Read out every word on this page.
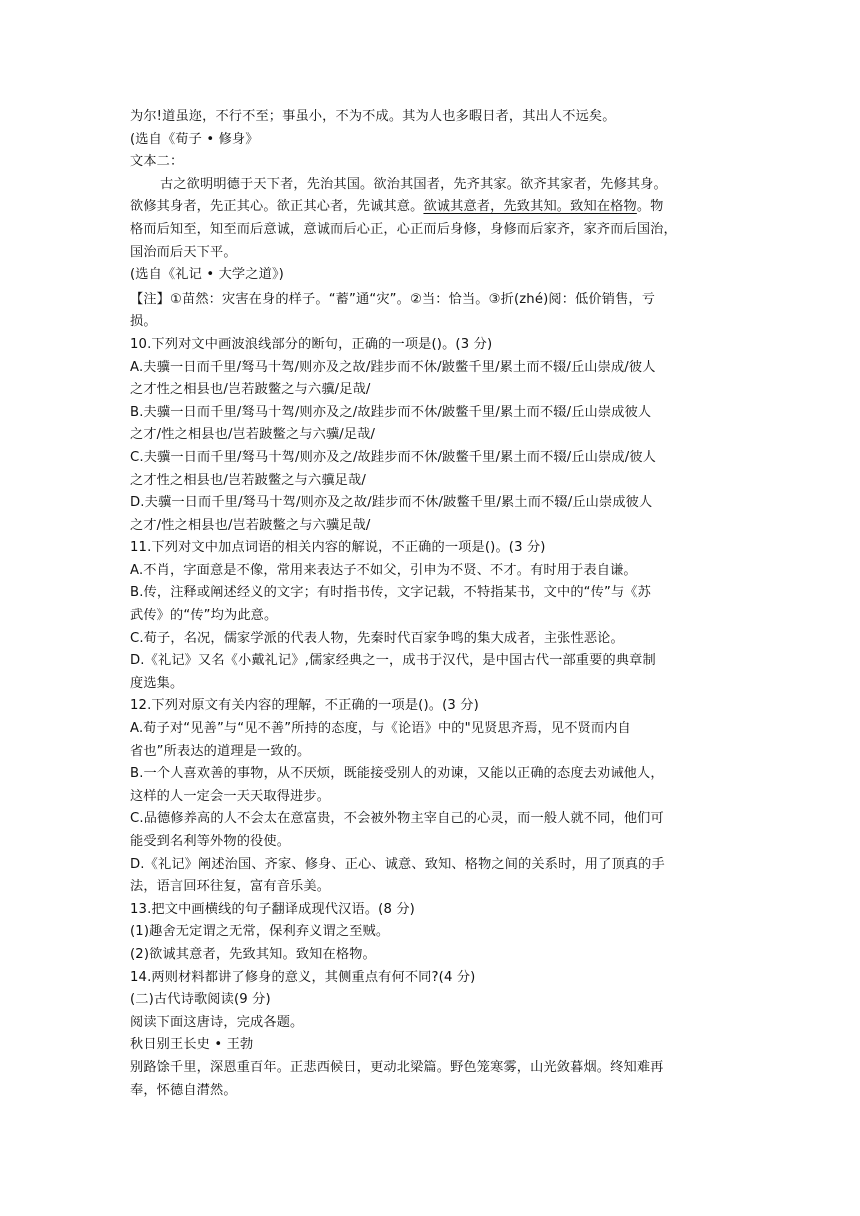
为尔!道虽迩，不行不至；事虽小，不为不成。其为人也多暇日者，其出人不远矣。
(选自《荀子 • 修身》
文本二：
古之欲明明德于天下者，先治其国。欲治其国者，先齐其家。欲齐其家者，先修其身。
欲修其身者，先正其心。欲正其心者，先诚其意。欲诚其意者，先致其知。致知在格物。物
格而后知至，知至而后意诚，意诚而后心正，心正而后身修，身修而后家齐，家齐而后国治，
国治而后天下平。
(选自《礼记 • 大学之道》)
【注】①苗然：灾害在身的样子。“蓄”通“灾”。②当：恰当。③折(zhé)阅：低价销售，亏
损。
10.下列对文中画波浪线部分的断句，正确的一项是()。(3 分)
A.夫骥一日而千里/驽马十驾/则亦及之故/跬步而不休/跛鳖千里/累土而不辍/丘山崇成/彼人
之才性之相县也/岂若跛鳖之与六骥/足哉/
B.夫骥一日而千里/驽马十驾/则亦及之/故跬步而不休/跛鳖千里/累土而不辍/丘山崇成彼人
之才/性之相县也/岂若跛鳖之与六骥/足哉/
C.夫骥一日而千里/驽马十驾/则亦及之/故跬步而不休/跛鳖千里/累土而不辍/丘山崇成/彼人
之才性之相县也/岂若跛鳖之与六骥足哉/
D.夫骥一日而千里/驽马十驾/则亦及之故/跬步而不休/跛鳖千里/累土而不辍/丘山崇成彼人
之才/性之相县也/岂若跛鳖之与六骥足哉/
11.下列对文中加点词语的相关内容的解说，不正确的一项是()。(3 分)
A.不肖，字面意是不像，常用来表达子不如父，引申为不贤、不才。有时用于表自谦。
B.传，注释或阐述经义的文字；有时指书传，文字记载，不特指某书，文中的“传”与《苏
武传》的“传”均为此意。
C.荀子，名况，儒家学派的代表人物，先秦时代百家争鸣的集大成者，主张性恶论。
D.《礼记》又名《小戴礼记》,儒家经典之一，成书于汉代，是中国古代一部重要的典章制
度选集。
12.下列对原文有关内容的理解，不正确的一项是()。(3 分)
A.荀子对“见善”与“见不善”所持的态度，与《论语》中的"见贤思齐焉，见不贤而内自
省也”所表达的道理是一致的。
B.一个人喜欢善的事物，从不厌烦，既能接受别人的劝谏，又能以正确的态度去劝诫他人，
这样的人一定会一天天取得进步。
C.品德修养高的人不会太在意富贵，不会被外物主宰自己的心灵，而一般人就不同，他们可
能受到名利等外物的役使。
D.《礼记》阐述治国、齐家、修身、正心、诚意、致知、格物之间的关系时，用了顶真的手
法，语言回环往复，富有音乐美。
13.把文中画横线的句子翻译成现代汉语。(8 分)
(1)趣舍无定谓之无常，保利弃义谓之至贼。
(2)欲诚其意者，先致其知。致知在格物。
14.两则材料都讲了修身的意义，其侧重点有何不同?(4 分)
(二)古代诗歌阅读(9 分)
阅读下面这唐诗，完成各题。
秋日别王长史 • 王勃
别路馀千里，深恩重百年。正悲西候日，更动北梁篇。野色笼寒雾，山光敛暮烟。终知难再
奉，怀德自潸然。
